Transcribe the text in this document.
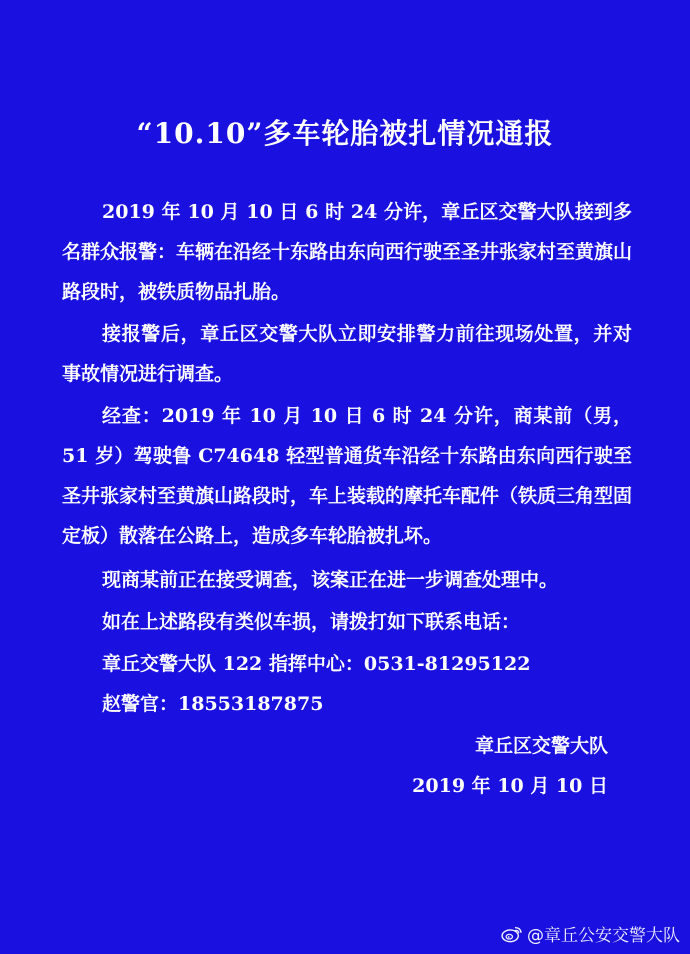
“10.10”多车轮胎被扎情况通报
2019 年 10 月 10 日 6 时 24 分许，章丘区交警大队接到多名群众报警：车辆在沿经十东路由东向西行驶至圣井张家村至黄旗山路段时，被铁质物品扎胎。
接报警后，章丘区交警大队立即安排警力前往现场处置，并对事故情况进行调查。
经查：2019 年 10 月 10 日 6 时 24 分许，商某前（男，51 岁）驾驶鲁 C74648 轻型普通货车沿经十东路由东向西行驶至圣井张家村至黄旗山路段时，车上装载的摩托车配件（铁质三角型固定板）散落在公路上，造成多车轮胎被扎坏。
现商某前正在接受调查，该案正在进一步调查处理中。
如在上述路段有类似车损，请拨打如下联系电话：
章丘交警大队 122 指挥中心：0531-81295122
赵警官：18553187875
章丘区交警大队
2019 年 10 月 10 日
@章丘公安交警大队
